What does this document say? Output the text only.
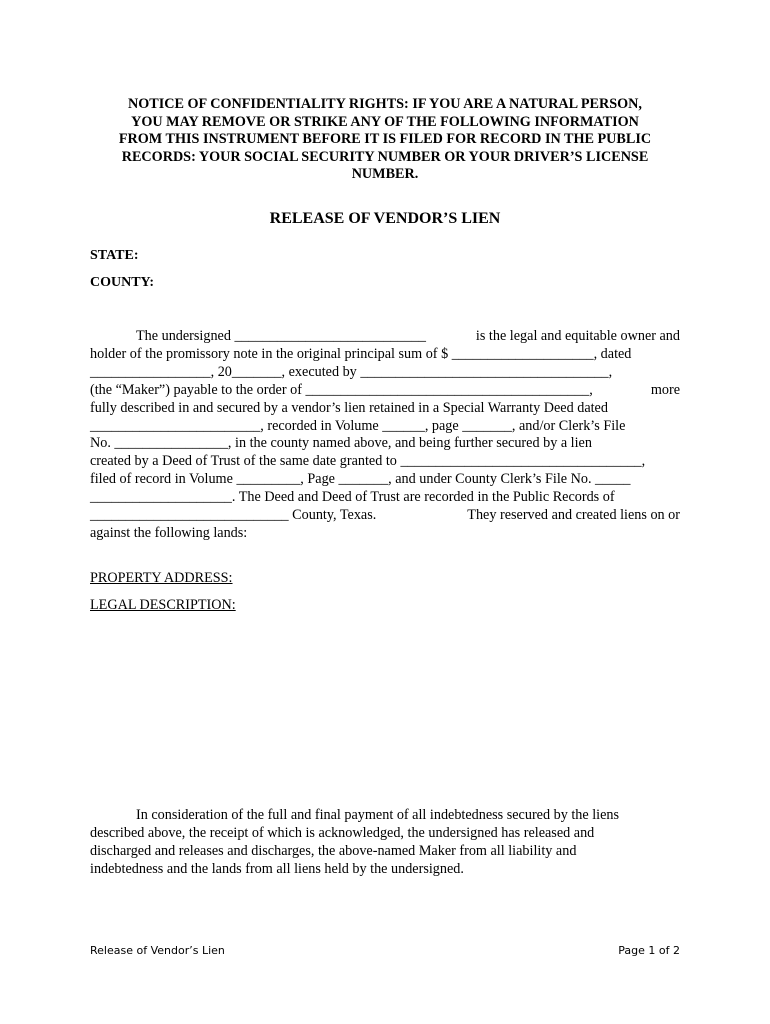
NOTICE OF CONFIDENTIALITY RIGHTS: IF YOU ARE A NATURAL PERSON,
YOU MAY REMOVE OR STRIKE ANY OF THE FOLLOWING INFORMATION
FROM THIS INSTRUMENT BEFORE IT IS FILED FOR RECORD IN THE PUBLIC
RECORDS: YOUR SOCIAL SECURITY NUMBER OR YOUR DRIVER’S LICENSE
NUMBER.
RELEASE OF VENDOR’S LIEN
STATE:
COUNTY:
The undersigned ___________________________	is the legal and equitable owner and
holder of the promissory note in the original principal sum of $ ____________________, dated
_________________, 20_______, executed by ___________________________________,
(the “Maker”) payable to the order of ________________________________________,	more
fully described in and secured by a vendor’s lien retained in a Special Warranty Deed dated
________________________, recorded in Volume ______, page _______, and/or Clerk’s File
No. ________________, in the county named above, and being further secured by a lien
created by a Deed of Trust of the same date granted to __________________________________,
filed of record in Volume _________, Page _______, and under County Clerk’s File No. _____
____________________. The Deed and Deed of Trust are recorded in the Public Records of
____________________________ County, Texas.	They reserved and created liens on or
against the following lands:
PROPERTY ADDRESS:
LEGAL DESCRIPTION:
In consideration of the full and final payment of all indebtedness secured by the liens
described above, the receipt of which is acknowledged, the undersigned has released and
discharged and releases and discharges, the above-named Maker from all liability and
indebtedness and the lands from all liens held by the undersigned.
Release of Vendor’s Lien	Page 1 of 2
